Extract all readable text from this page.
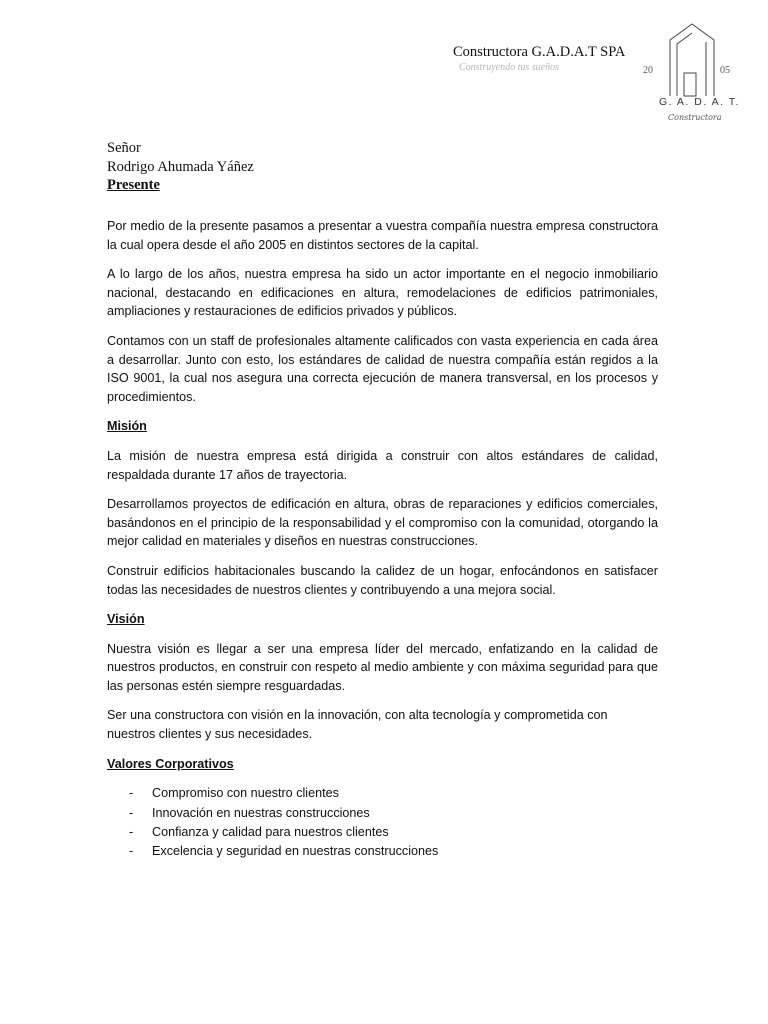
Constructora G.A.D.A.T SPA
Construyendo tus sueños	20	05
G. A. D. A. T.
Constructora
Señor
Rodrigo Ahumada Yáñez
Presente

Por medio de la presente pasamos a presentar a vuestra compañía nuestra empresa constructora la cual opera desde el año 2005 en distintos sectores de la capital.

A lo largo de los años, nuestra empresa ha sido un actor importante en el negocio inmobiliario nacional, destacando en edificaciones en altura, remodelaciones de edificios patrimoniales, ampliaciones y restauraciones de edificios privados y públicos.

Contamos con un staff de profesionales altamente calificados con vasta experiencia en cada área a desarrollar. Junto con esto, los estándares de calidad de nuestra compañía están regidos a la ISO 9001, la cual nos asegura una correcta ejecución de manera transversal, en los procesos y procedimientos.

Misión

La misión de nuestra empresa está dirigida a construir con altos estándares de calidad, respaldada durante 17 años de trayectoria.

Desarrollamos proyectos de edificación en altura, obras de reparaciones y edificios comerciales, basándonos en el principio de la responsabilidad y el compromiso con la comunidad, otorgando la mejor calidad en materiales y diseños en nuestras construcciones.

Construir edificios habitacionales buscando la calidez de un hogar, enfocándonos en satisfacer todas las necesidades de nuestros clientes y contribuyendo a una mejora social.

Visión

Nuestra visión es llegar a ser una empresa líder del mercado, enfatizando en la calidad de nuestros productos, en construir con respeto al medio ambiente y con máxima seguridad para que las personas estén siempre resguardadas.

Ser una constructora con visión en la innovación, con alta tecnología y comprometida con nuestros clientes y sus necesidades.

Valores Corporativos
- Compromiso con nuestro clientes
- Innovación en nuestras construcciones
- Confianza y calidad para nuestros clientes
- Excelencia y seguridad en nuestras construcciones
